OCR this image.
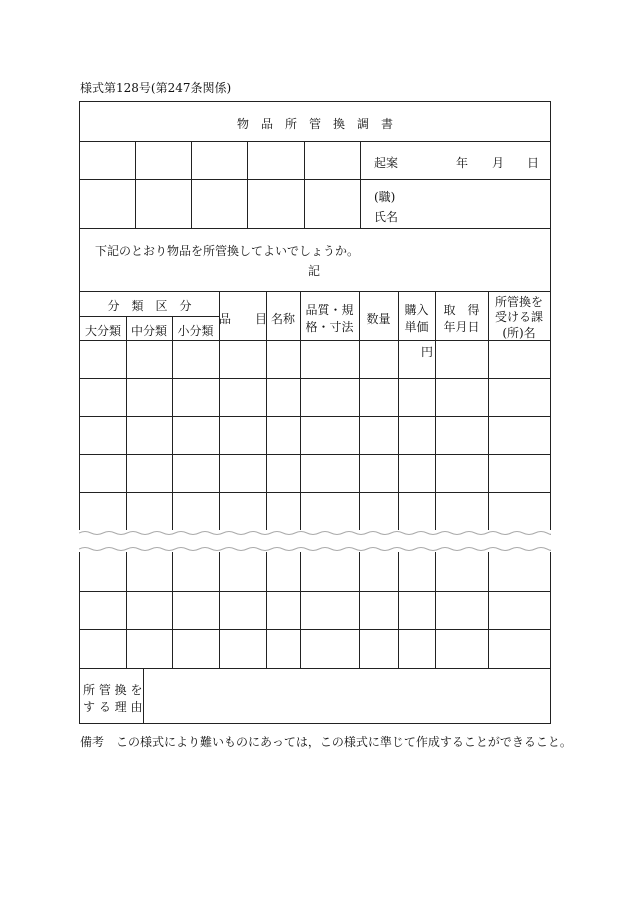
様式第128号(第247条関係)
物　品　所　管　換　調　書
起案	年 月 日
(職)
氏名
下記のとおり物品を所管換してよいでしょうか。
記
分　類　区　分
大分類 中分類 小分類
品　　目 名称
品質・規
格・寸法
数量
購入
単価
取　得
年月日
所管換を
受ける課
(所)名
円
所 管 換 を
す る 理 由
備考　この様式により難いものにあっては，この様式に準じて作成することができること。
